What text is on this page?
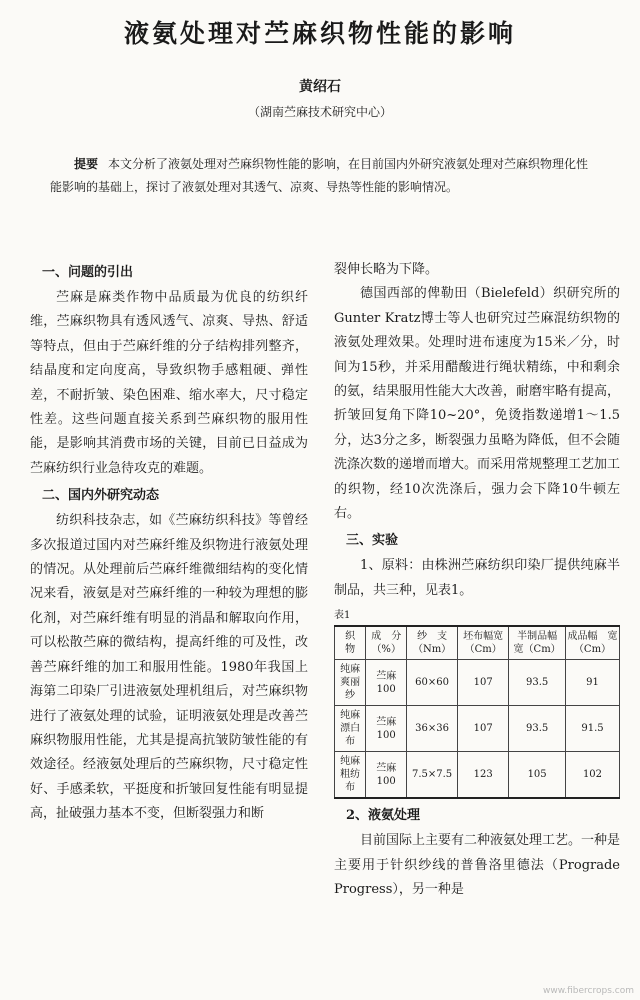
液氨处理对苎麻织物性能的影响
黄绍石
（湖南苎麻技术研究中心）
提要 本文分析了液氨处理对苎麻织物性能的影响，在目前国内外研究液氨处理对苎麻织物理化性能影响的基础上，探讨了液氨处理对其透气、凉爽、导热等性能的影响情况。
一、问题的引出

苎麻是麻类作物中品质最为优良的纺织纤维，苎麻织物具有透风透气、凉爽、导热、舒适等特点，但由于苎麻纤维的分子结构排列整齐，结晶度和定向度高，导致织物手感粗硬、弹性差，不耐折皱、染色困难、缩水率大，尺寸稳定性差。这些问题直接关系到苎麻织物的服用性能，是影响其消费市场的关键，目前已日益成为苎麻纺织行业急待攻克的难题。

二、国内外研究动态

纺织科技杂志，如《苎麻纺织科技》等曾经多次报道过国内对苎麻纤维及织物进行液氨处理的情况。从处理前后苎麻纤维微细结构的变化情况来看，液氨是对苎麻纤维的一种较为理想的膨化剂，对苎麻纤维有明显的消晶和解取向作用，可以松散苎麻的微结构，提高纤维的可及性，改善苎麻纤维的加工和服用性能。1980年我国上海第二印染厂引进液氨处理机组后，对苎麻织物进行了液氨处理的试验，证明液氨处理是改善苎麻织物服用性能，尤其是提高抗皱防皱性能的有效途径。经液氨处理后的苎麻织物，尺寸稳定性好、手感柔软，平挺度和折皱回复性能有明显提高，扯破强力基本不变，但断裂强力和断

裂伸长略为下降。

德国西部的俾勒田（Bielefeld）织研究所的Gunter Kratz博士等人也研究过苎麻混纺织物的液氨处理效果。处理时进布速度为15米／分，时间为15秒，并采用醋酸进行绳状精练，中和剩余的氨，结果服用性能大大改善，耐磨牢略有提高，折皱回复角下降10~20°，免烫指数递增1～1.5分，达3分之多，断裂强力虽略为降低，但不会随洗涤次数的递增而增大。而采用常规整理工艺加工的织物，经10次洗涤后，强力会下降10牛顿左右。

三、实验

1、原料：由株洲苎麻纺织印染厂提供纯麻半制品，共三种，见表1。

表1
织　物	成　分（%）	纱　支（Nm）	坯布幅宽（Cm）	半制品幅　宽（Cm）	成品幅　宽（Cm）
纯麻爽丽纱	苎麻100	60×60	107	93.5	91
纯麻漂白布	苎麻100	36×36	107	93.5	91.5
纯麻粗纺布	苎麻100	7.5×7.5	123	105	102
2、液氨处理

目前国际上主要有二种液氨处理工艺。一种是主要用于针织纱线的普鲁洛里德法（Prograde Progress），另一种是

www.fibercrops.com
